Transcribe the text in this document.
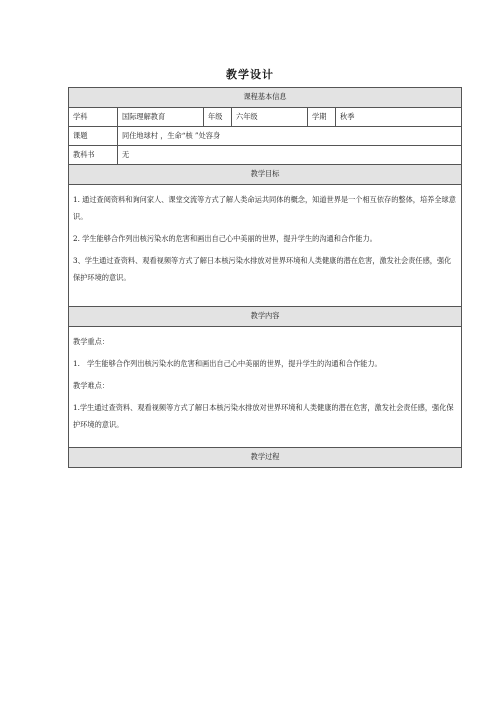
教学设计
课程基本信息					
学科	国际理解教育	年级	六年级	学期	秋季
课题	同住地球村 ，生命“核 ”处容身				
教科书	无				
教学目标					

1. 通过查阅资料和询问家人、课堂交流等方式了解人类命运共同体的概念，知道世界是一个相互依存的整体，培养全球意识。

2. 学生能够合作列出核污染水的危害和画出自己心中美丽的世界，提升学生的沟通和合作能力。

3、学生通过查资料、观看视频等方式了解日本核污染水排放对世界环境和人类健康的潜在危害，激发社会责任感，强化保护环境的意识。					

教学内容					

教学重点：

1.　学生能够合作列出核污染水的危害和画出自己心中美丽的世界，提升学生的沟通和合作能力。

教学难点：

1.学生通过查资料、观看视频等方式了解日本核污染水排放对世界环境和人类健康的潜在危害，激发社会责任感，强化保护环境的意识。					

教学过程					
